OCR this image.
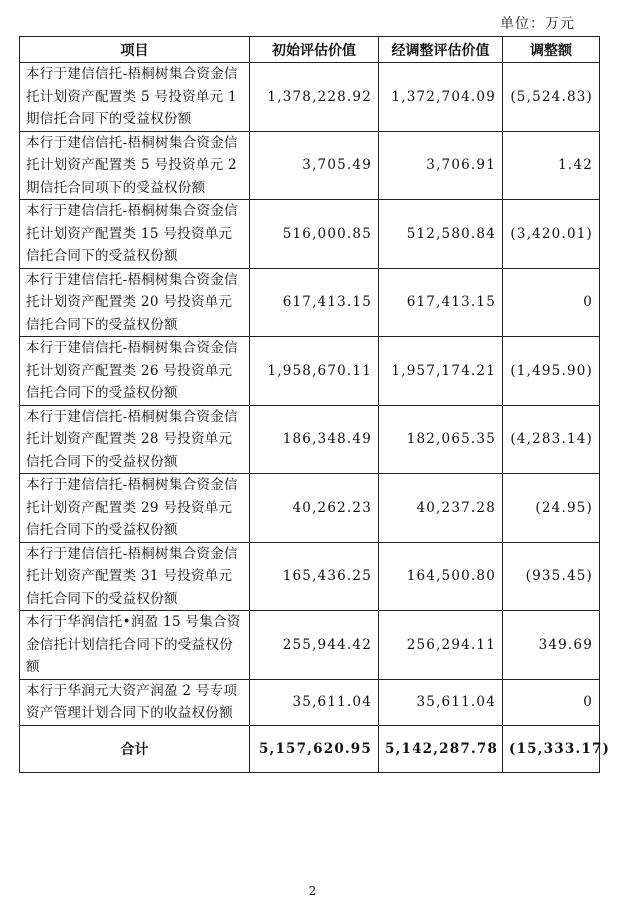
单位：万元
项目	初始评估价值	经调整评估价值	调整额
本行于建信信托-梧桐树集合资金信托计划资产配置类 5 号投资单元 1 期信托合同下的受益权份额	1,378,228.92	1,372,704.09	(5,524.83)
本行于建信信托-梧桐树集合资金信托计划资产配置类 5 号投资单元 2 期信托合同项下的受益权份额	3,705.49	3,706.91	1.42
本行于建信信托-梧桐树集合资金信托计划资产配置类 15 号投资单元信托合同下的受益权份额	516,000.85	512,580.84	(3,420.01)
本行于建信信托-梧桐树集合资金信托计划资产配置类 20 号投资单元信托合同下的受益权份额	617,413.15	617,413.15	0
本行于建信信托-梧桐树集合资金信托计划资产配置类 26 号投资单元信托合同下的受益权份额	1,958,670.11	1,957,174.21	(1,495.90)
本行于建信信托-梧桐树集合资金信托计划资产配置类 28 号投资单元信托合同下的受益权份额	186,348.49	182,065.35	(4,283.14)
本行于建信信托-梧桐树集合资金信托计划资产配置类 29 号投资单元信托合同下的受益权份额	40,262.23	40,237.28	(24.95)
本行于建信信托-梧桐树集合资金信托计划资产配置类 31 号投资单元信托合同下的受益权份额	165,436.25	164,500.80	(935.45)
本行于华润信托•润盈 15 号集合资金信托计划信托合同下的受益权份额	255,944.42	256,294.11	349.69
本行于华润元大资产润盈 2 号专项资产管理计划合同下的收益权份额	35,611.04	35,611.04	0
合计	5,157,620.95	5,142,287.78	(15,333.17)
2
